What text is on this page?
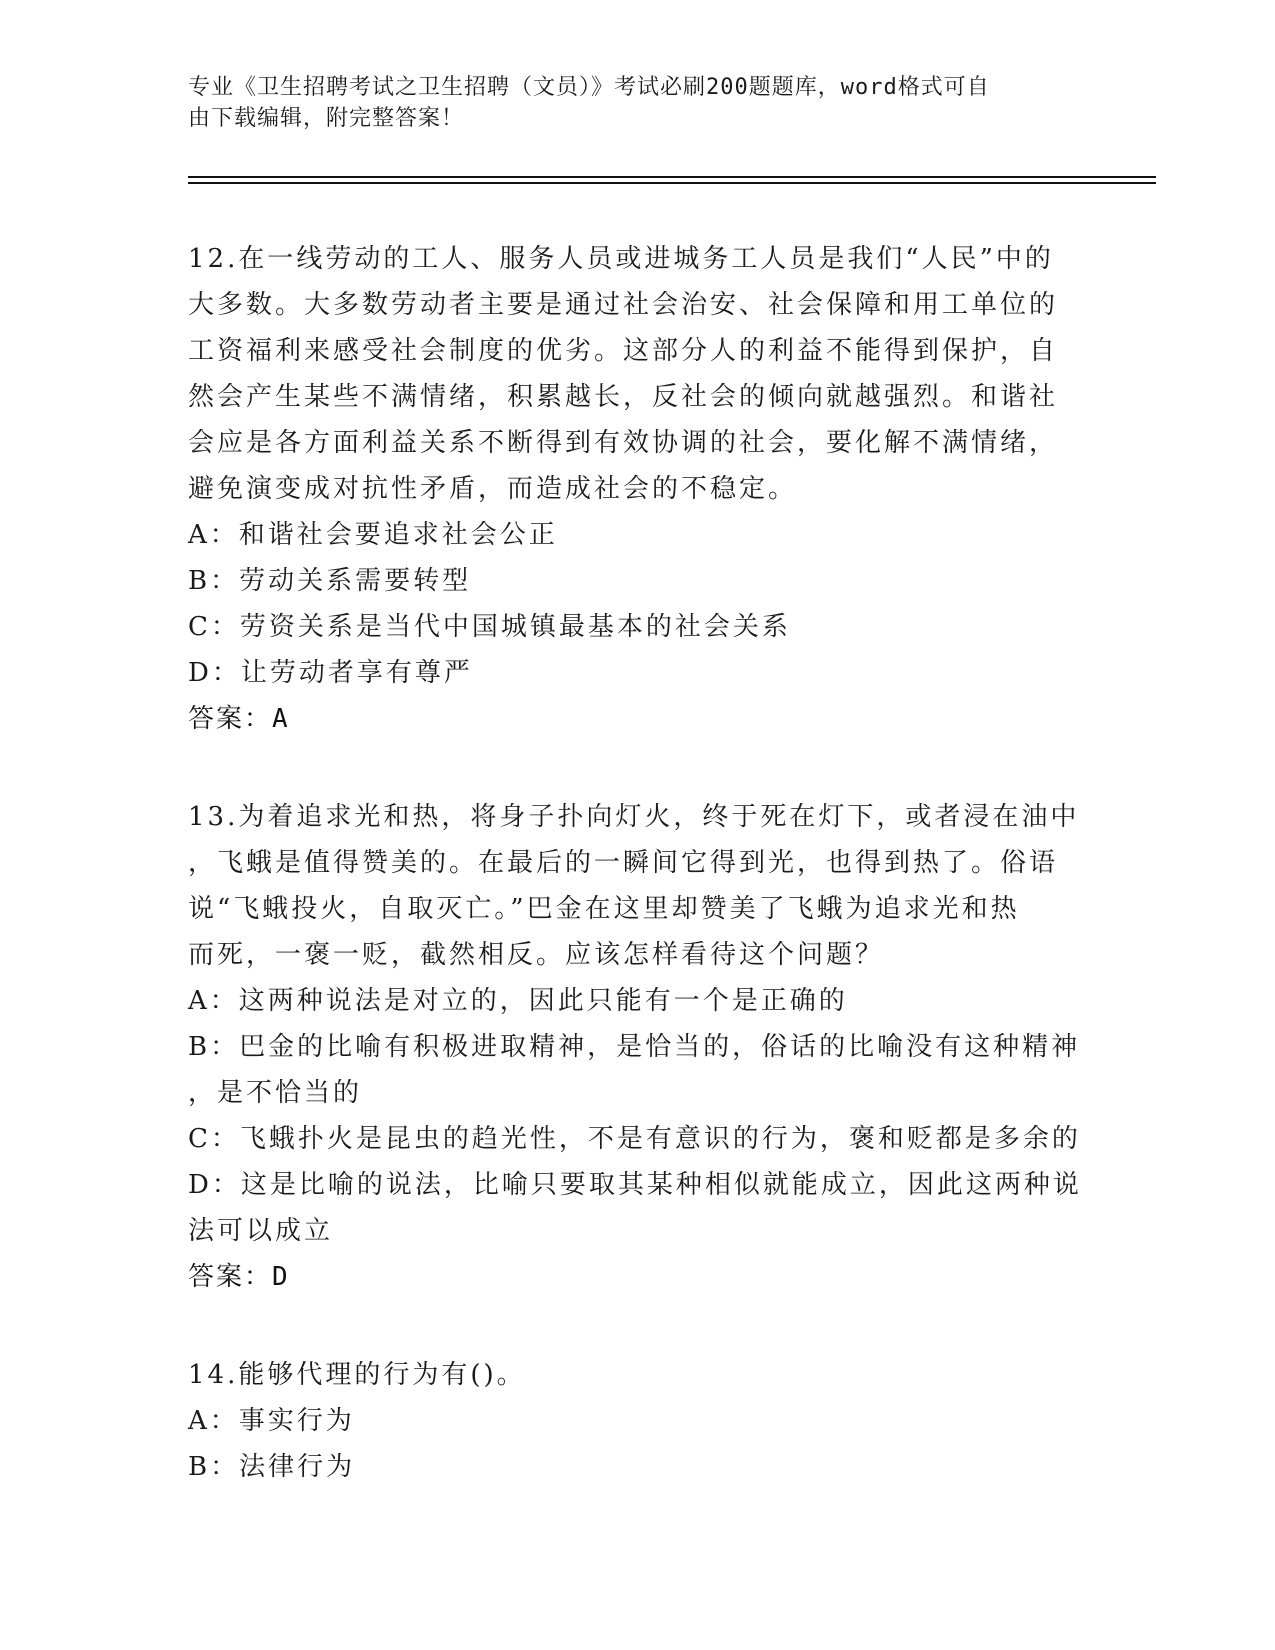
专业《卫生招聘考试之卫生招聘（文员）》考试必刷200题题库，word格式可自
由下载编辑，附完整答案！
12.在一线劳动的工人、服务人员或进城务工人员是我们“人民”中的
大多数。大多数劳动者主要是通过社会治安、社会保障和用工单位的
工资福利来感受社会制度的优劣。这部分人的利益不能得到保护，自
然会产生某些不满情绪，积累越长，反社会的倾向就越强烈。和谐社
会应是各方面利益关系不断得到有效协调的社会，要化解不满情绪，
避免演变成对抗性矛盾，而造成社会的不稳定。
A：和谐社会要追求社会公正
B：劳动关系需要转型
C：劳资关系是当代中国城镇最基本的社会关系
D：让劳动者享有尊严
答案：A
13.为着追求光和热，将身子扑向灯火，终于死在灯下，或者浸在油中
，飞蛾是值得赞美的。在最后的一瞬间它得到光，也得到热了。俗语
说“飞蛾投火，自取灭亡。”巴金在这里却赞美了飞蛾为追求光和热
而死，一褒一贬，截然相反。应该怎样看待这个问题？
A：这两种说法是对立的，因此只能有一个是正确的
B：巴金的比喻有积极进取精神，是恰当的，俗话的比喻没有这种精神
，是不恰当的
C：飞蛾扑火是昆虫的趋光性，不是有意识的行为，褒和贬都是多余的
D：这是比喻的说法，比喻只要取其某种相似就能成立，因此这两种说
法可以成立
答案：D
14.能够代理的行为有()。
A：事实行为
B：法律行为
